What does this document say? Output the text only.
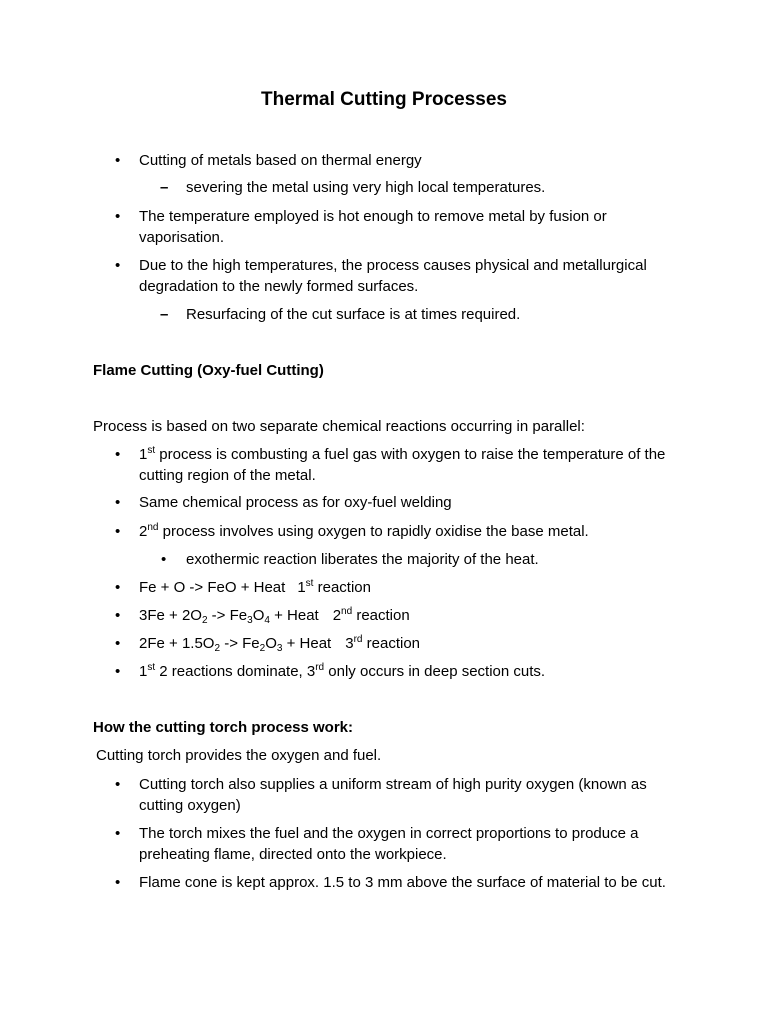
Thermal Cutting Processes
• Cutting of metals based on thermal energy
– severing the metal using very high local temperatures.
• The temperature employed is hot enough to remove metal by fusion or vaporisation.
• Due to the high temperatures, the process causes physical and metallurgical degradation to the newly formed surfaces.
– Resurfacing of the cut surface is at times required.
Flame Cutting (Oxy-fuel Cutting)
Process is based on two separate chemical reactions occurring in parallel:
• 1st process is combusting a fuel gas with oxygen to raise the temperature of the cutting region of the metal.
• Same chemical process as for oxy-fuel welding
• 2nd process involves using oxygen to rapidly oxidise the base metal.
• exothermic reaction liberates the majority of the heat.
• Fe + O -> FeO + Heat 1st reaction
• $3Fe + 2O_2 -> Fe_3O_4$ + Heat 2nd reaction
• $2Fe + 1.5O_2 -> Fe_2O_3$ + Heat 3rd reaction
• 1st 2 reactions dominate, 3rd only occurs in deep section cuts.
How the cutting torch process work:
Cutting torch provides the oxygen and fuel.
• Cutting torch also supplies a uniform stream of high purity oxygen (known as cutting oxygen)
• The torch mixes the fuel and the oxygen in correct proportions to produce a preheating flame, directed onto the workpiece.
• Flame cone is kept approx. 1.5 to 3 mm above the surface of material to be cut.
